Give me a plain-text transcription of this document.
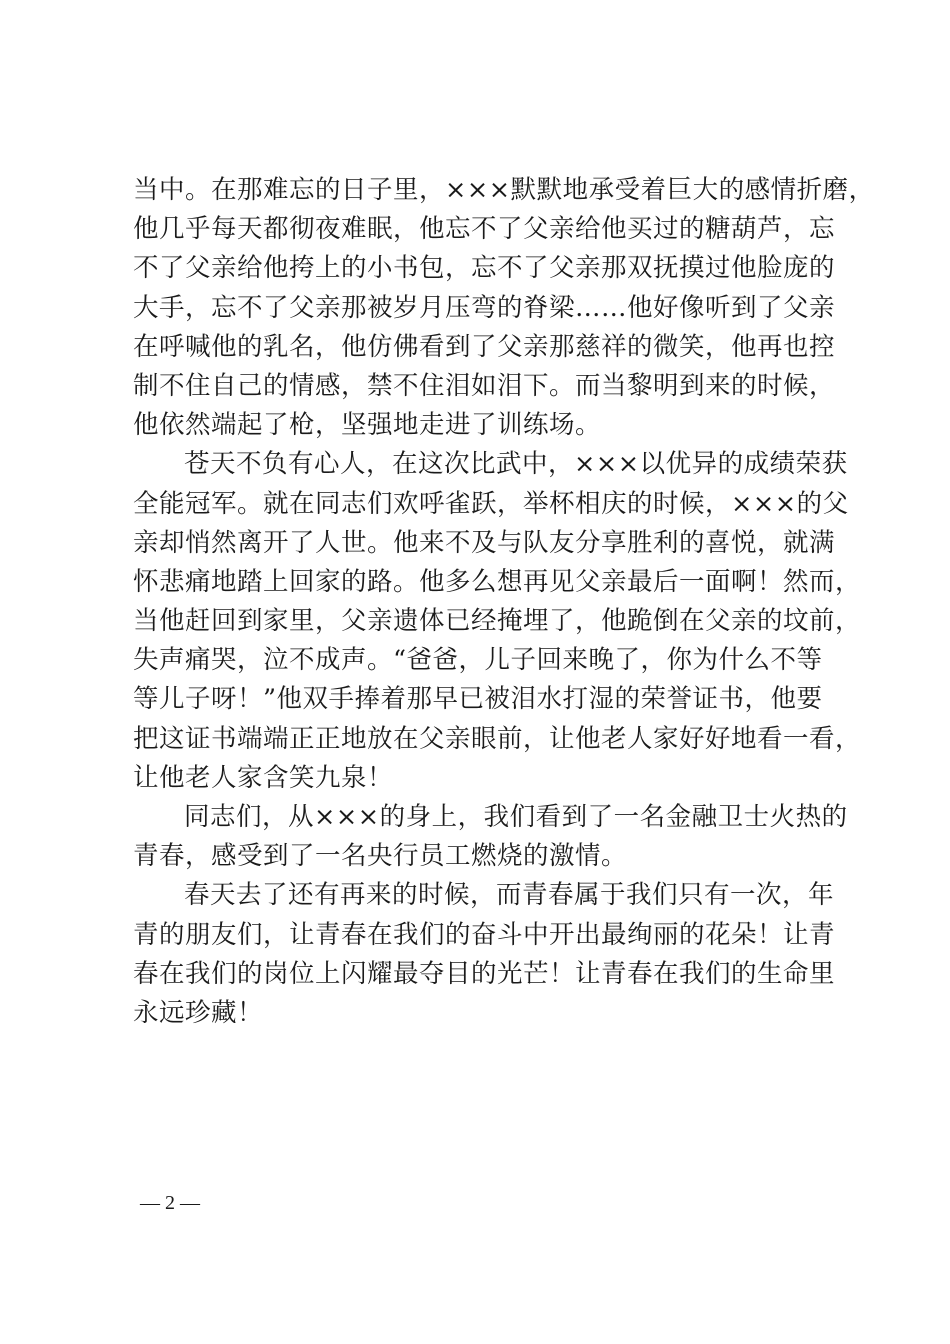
当中。在那难忘的日子里，×××默默地承受着巨大的感情折磨，
他几乎每天都彻夜难眠，他忘不了父亲给他买过的糖葫芦，忘
不了父亲给他挎上的小书包，忘不了父亲那双抚摸过他脸庞的
大手，忘不了父亲那被岁月压弯的脊梁……他好像听到了父亲
在呼喊他的乳名，他仿佛看到了父亲那慈祥的微笑，他再也控
制不住自己的情感，禁不住泪如泪下。而当黎明到来的时候，
他依然端起了枪，坚强地走进了训练场。
苍天不负有心人，在这次比武中，×××以优异的成绩荣获
全能冠军。就在同志们欢呼雀跃，举杯相庆的时候，×××的父
亲却悄然离开了人世。他来不及与队友分享胜利的喜悦，就满
怀悲痛地踏上回家的路。他多么想再见父亲最后一面啊！然而，
当他赶回到家里，父亲遗体已经掩埋了，他跪倒在父亲的坟前，
失声痛哭，泣不成声。“爸爸，儿子回来晚了，你为什么不等
等儿子呀！”他双手捧着那早已被泪水打湿的荣誉证书，他要
把这证书端端正正地放在父亲眼前，让他老人家好好地看一看，
让他老人家含笑九泉！
同志们，从×××的身上，我们看到了一名金融卫士火热的
青春，感受到了一名央行员工燃烧的激情。
春天去了还有再来的时候，而青春属于我们只有一次，年
青的朋友们，让青春在我们的奋斗中开出最绚丽的花朵！让青
春在我们的岗位上闪耀最夺目的光芒！让青春在我们的生命里
永远珍藏！
— 2 —
